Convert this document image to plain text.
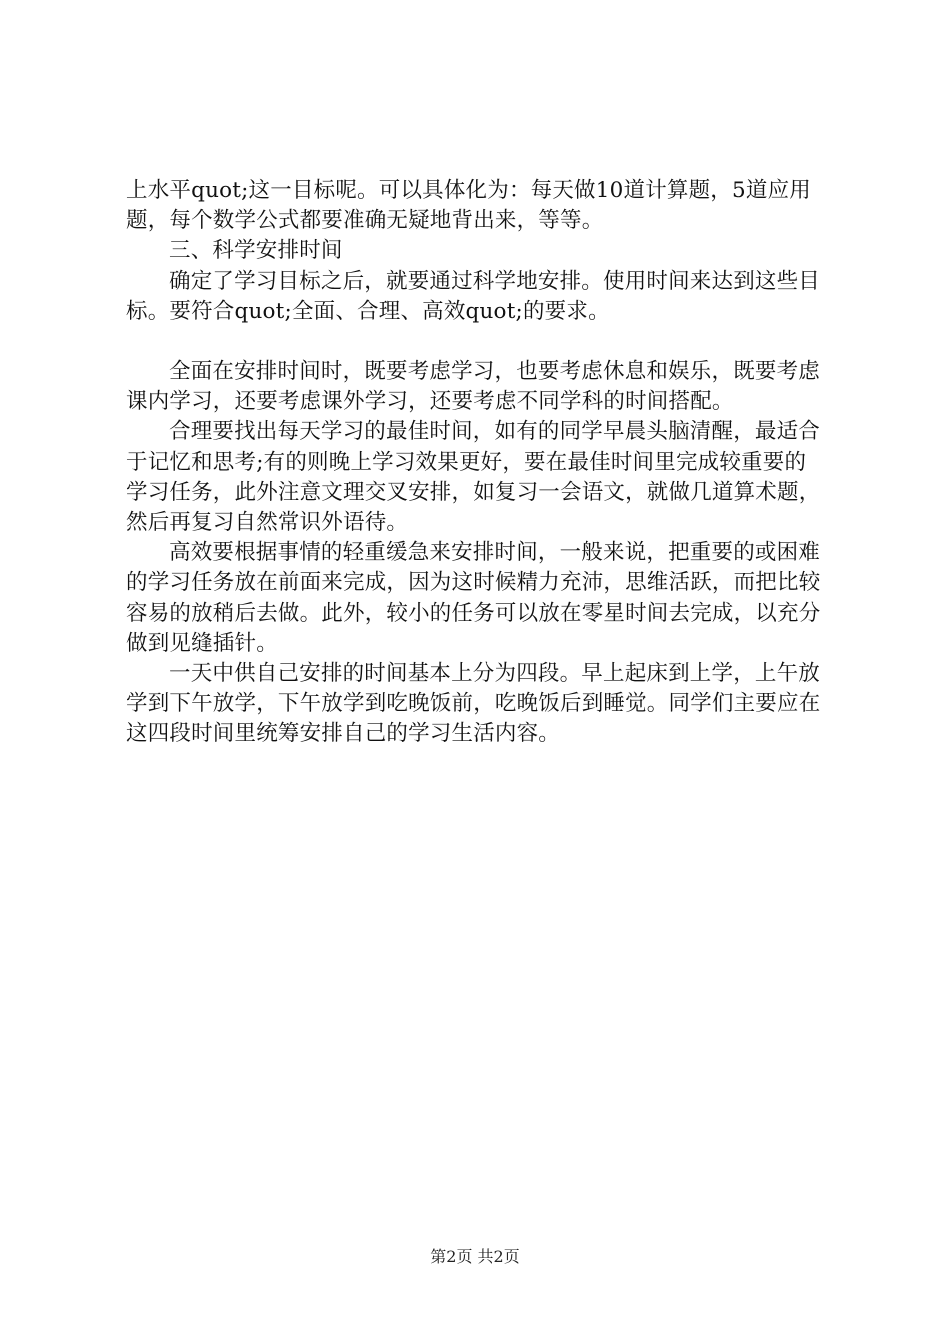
上水平quot;这一目标呢。可以具体化为：每天做10道计算题，5道应用题，每个数学公式都要准确无疑地背出来，等等。

三、科学安排时间

确定了学习目标之后，就要通过科学地安排。使用时间来达到这些目标。要符合quot;全面、合理、高效quot;的要求。

全面在安排时间时，既要考虑学习，也要考虑休息和娱乐，既要考虑课内学习，还要考虑课外学习，还要考虑不同学科的时间搭配。

合理要找出每天学习的最佳时间，如有的同学早晨头脑清醒，最适合于记忆和思考;有的则晚上学习效果更好，要在最佳时间里完成较重要的学习任务，此外注意文理交叉安排，如复习一会语文，就做几道算术题，然后再复习自然常识外语待。

高效要根据事情的轻重缓急来安排时间，一般来说，把重要的或困难的学习任务放在前面来完成，因为这时候精力充沛，思维活跃，而把比较容易的放稍后去做。此外，较小的任务可以放在零星时间去完成，以充分做到见缝插针。

一天中供自己安排的时间基本上分为四段。早上起床到上学，上午放学到下午放学，下午放学到吃晚饭前，吃晚饭后到睡觉。同学们主要应在这四段时间里统筹安排自己的学习生活内容。

第2页 共2页
